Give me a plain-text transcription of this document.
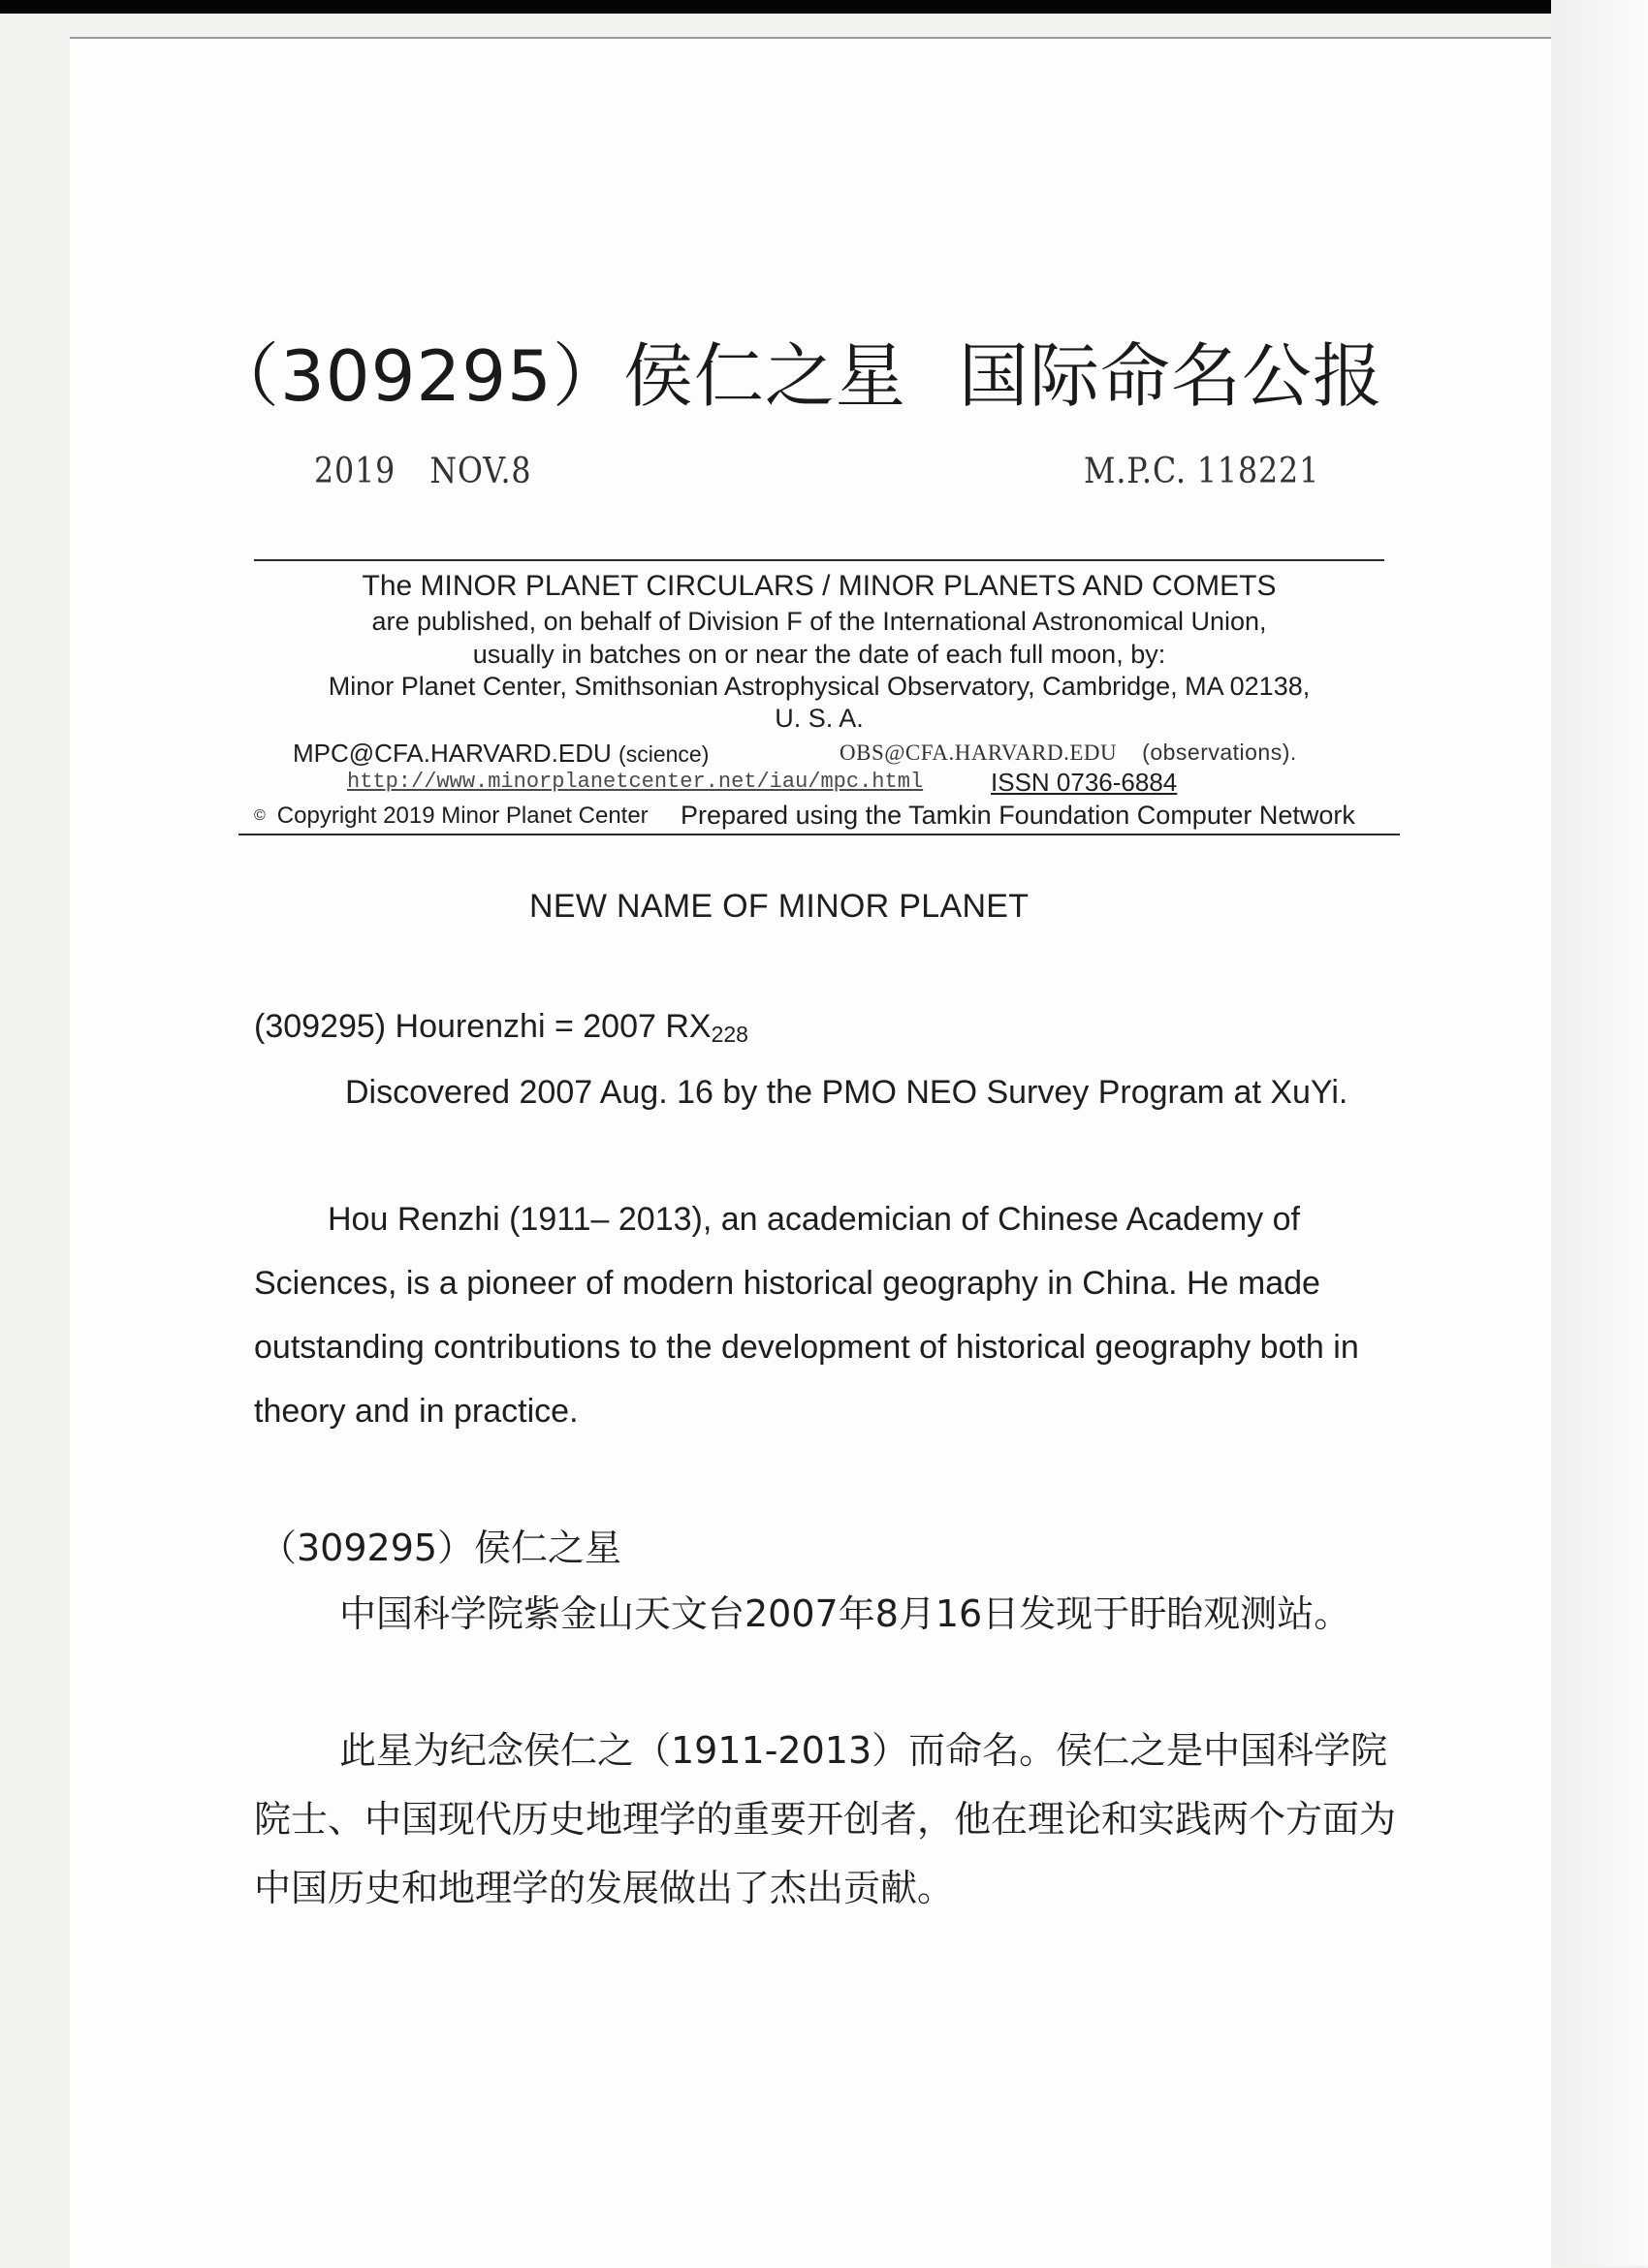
（309295）侯仁之星 国际命名公报
2019 NOV.8	M.P.C. 118221
The MINOR PLANET CIRCULARS / MINOR PLANETS AND COMETS
are published, on behalf of Division F of the International Astronomical Union,
usually in batches on or near the date of each full moon, by:
Minor Planet Center, Smithsonian Astrophysical Observatory, Cambridge, MA 02138,
U. S. A.
MPC@CFA.HARVARD.EDU (science)	OBS@CFA.HARVARD.EDU (observations).
http://www.minorplanetcenter.net/iau/mpc.html	ISSN 0736-6884
© Copyright 2019 Minor Planet Center Prepared using the Tamkin Foundation Computer Network
NEW NAME OF MINOR PLANET
(309295) Hourenzhi = 2007 $RX_{228}$
Discovered 2007 Aug. 16 by the PMO NEO Survey Program at XuYi.
Hou Renzhi (1911– 2013), an academician of Chinese Academy of Sciences, is a pioneer of modern historical geography in China. He made outstanding contributions to the development of historical geography both in theory and in practice.
（309295）侯仁之星
中国科学院紫金山天文台2007年8月16日发现于盱眙观测站。
此星为纪念侯仁之（1911-2013）而命名。侯仁之是中国科学院院士、中国现代历史地理学的重要开创者，他在理论和实践两个方面为中国历史和地理学的发展做出了杰出贡献。
